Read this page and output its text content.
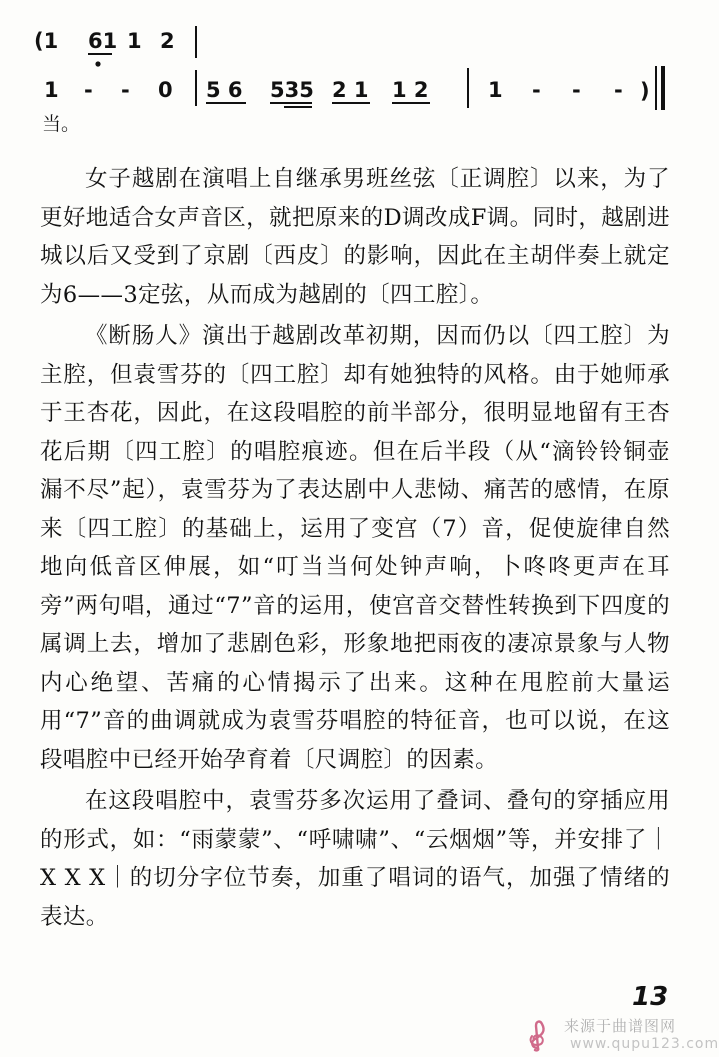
(1 61 1 2
1 - - 0 5 6 535 2 1 1 2	1 - - - )
当。

女子越剧在演唱上自继承男班丝弦〔正调腔〕以来，为了更好地适合女声音区，就把原来的D调改成F调。同时，越剧进城以后又受到了京剧〔西皮〕的影响，因此在主胡伴奏上就定为6——3定弦，从而成为越剧的〔四工腔〕。

《断肠人》演出于越剧改革初期，因而仍以〔四工腔〕为主腔，但袁雪芬的〔四工腔〕却有她独特的风格。由于她师承于王杏花，因此，在这段唱腔的前半部分，很明显地留有王杏花后期〔四工腔〕的唱腔痕迹。但在后半段（从“滴铃铃铜壶漏不尽”起），袁雪芬为了表达剧中人悲恸、痛苦的感情，在原来〔四工腔〕的基础上，运用了变宫（7）音，促使旋律自然地向低音区伸展，如“叮当当何处钟声响，卜咚咚更声在耳旁”两句唱，通过“7”音的运用，使宫音交替性转换到下四度的属调上去，增加了悲剧色彩，形象地把雨夜的凄凉景象与人物内心绝望、苦痛的心情揭示了出来。这种在甩腔前大量运用“7”音的曲调就成为袁雪芬唱腔的特征音，也可以说，在这段唱腔中已经开始孕育着〔尺调腔〕的因素。

在这段唱腔中，袁雪芬多次运用了叠词、叠句的穿插应用的形式，如：“雨蒙蒙”、“呼啸啸”、“云烟烟”等，并安排了｜X X X｜的切分字位节奏，加重了唱词的语气，加强了情绪的表达。

13
来源于曲谱图网
www.qupu123.com
